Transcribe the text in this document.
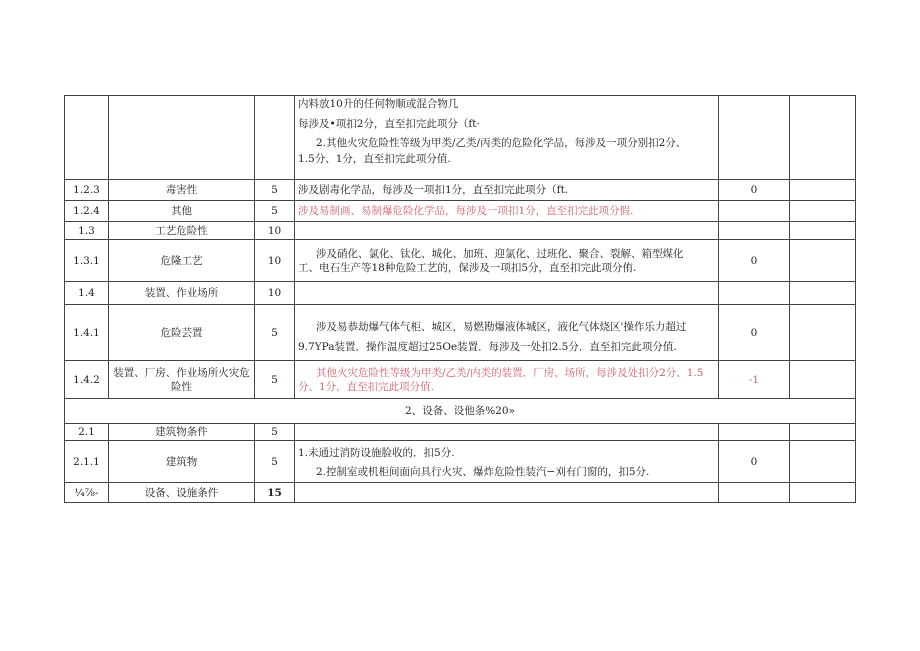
			内料放10升的任何物顺或混合物几
每涉及•项扣2分，直至扣完此项分（ft·
2.其他火灾危险性等级为甲类/乙类/丙类的危险化学品，每涉及一项分别扣2分、
1.5分、1分，直至扣完此项分值.		

1.2.3	毒害性	5	涉及剧毒化学品，每涉及一项扣1分，直至扣完此项分（ft.	0	
1.2.4	其他	5	涉及易制画、易制爆危险化学品，每涉及一项扣1分，直至扣完此项分假.		
1.3	工艺危险性	10			
1.3.1	危隆工艺	10	涉及硝化、氯化、钛化、城化、加班、迎氯化、过班化、聚合、裂解、箱型煤化
工、电石生产等18种危险工艺的，保涉及一项扣5分，直至扣完此项分侑.	0	
1.4	装置、作业场所	10			
1.4.1	危险芸置	5	涉及易恭劫爆气体气柜、城区，易燃勘爆液体城区，液化气体烧区'操作乐力超过
9.7YPa装置．操作温度超过25Oe装置．每涉及一处扣2.5分．直至扣完此项分值.	0	
1.4.2	装置、厂房、作业场所火灾危险性	5	其他火灾危险性等级为甲类/乙类/内类的装置．厂房、场所，每涉及处扣分2分、1.5
分、1分，直至扣完此项分值.	-1	
2、设备、设他条%20»					
2.1	建筑物条件	5			
2.1.1	建筑物	5	1.未通过消防设施脸收的．扣5分.
2.控制室或机柜间面向具行火灾、爆炸危险性装汽−刈有门窗的，扣5分.	0	
¼⅞-	设备、设施条件	15			
